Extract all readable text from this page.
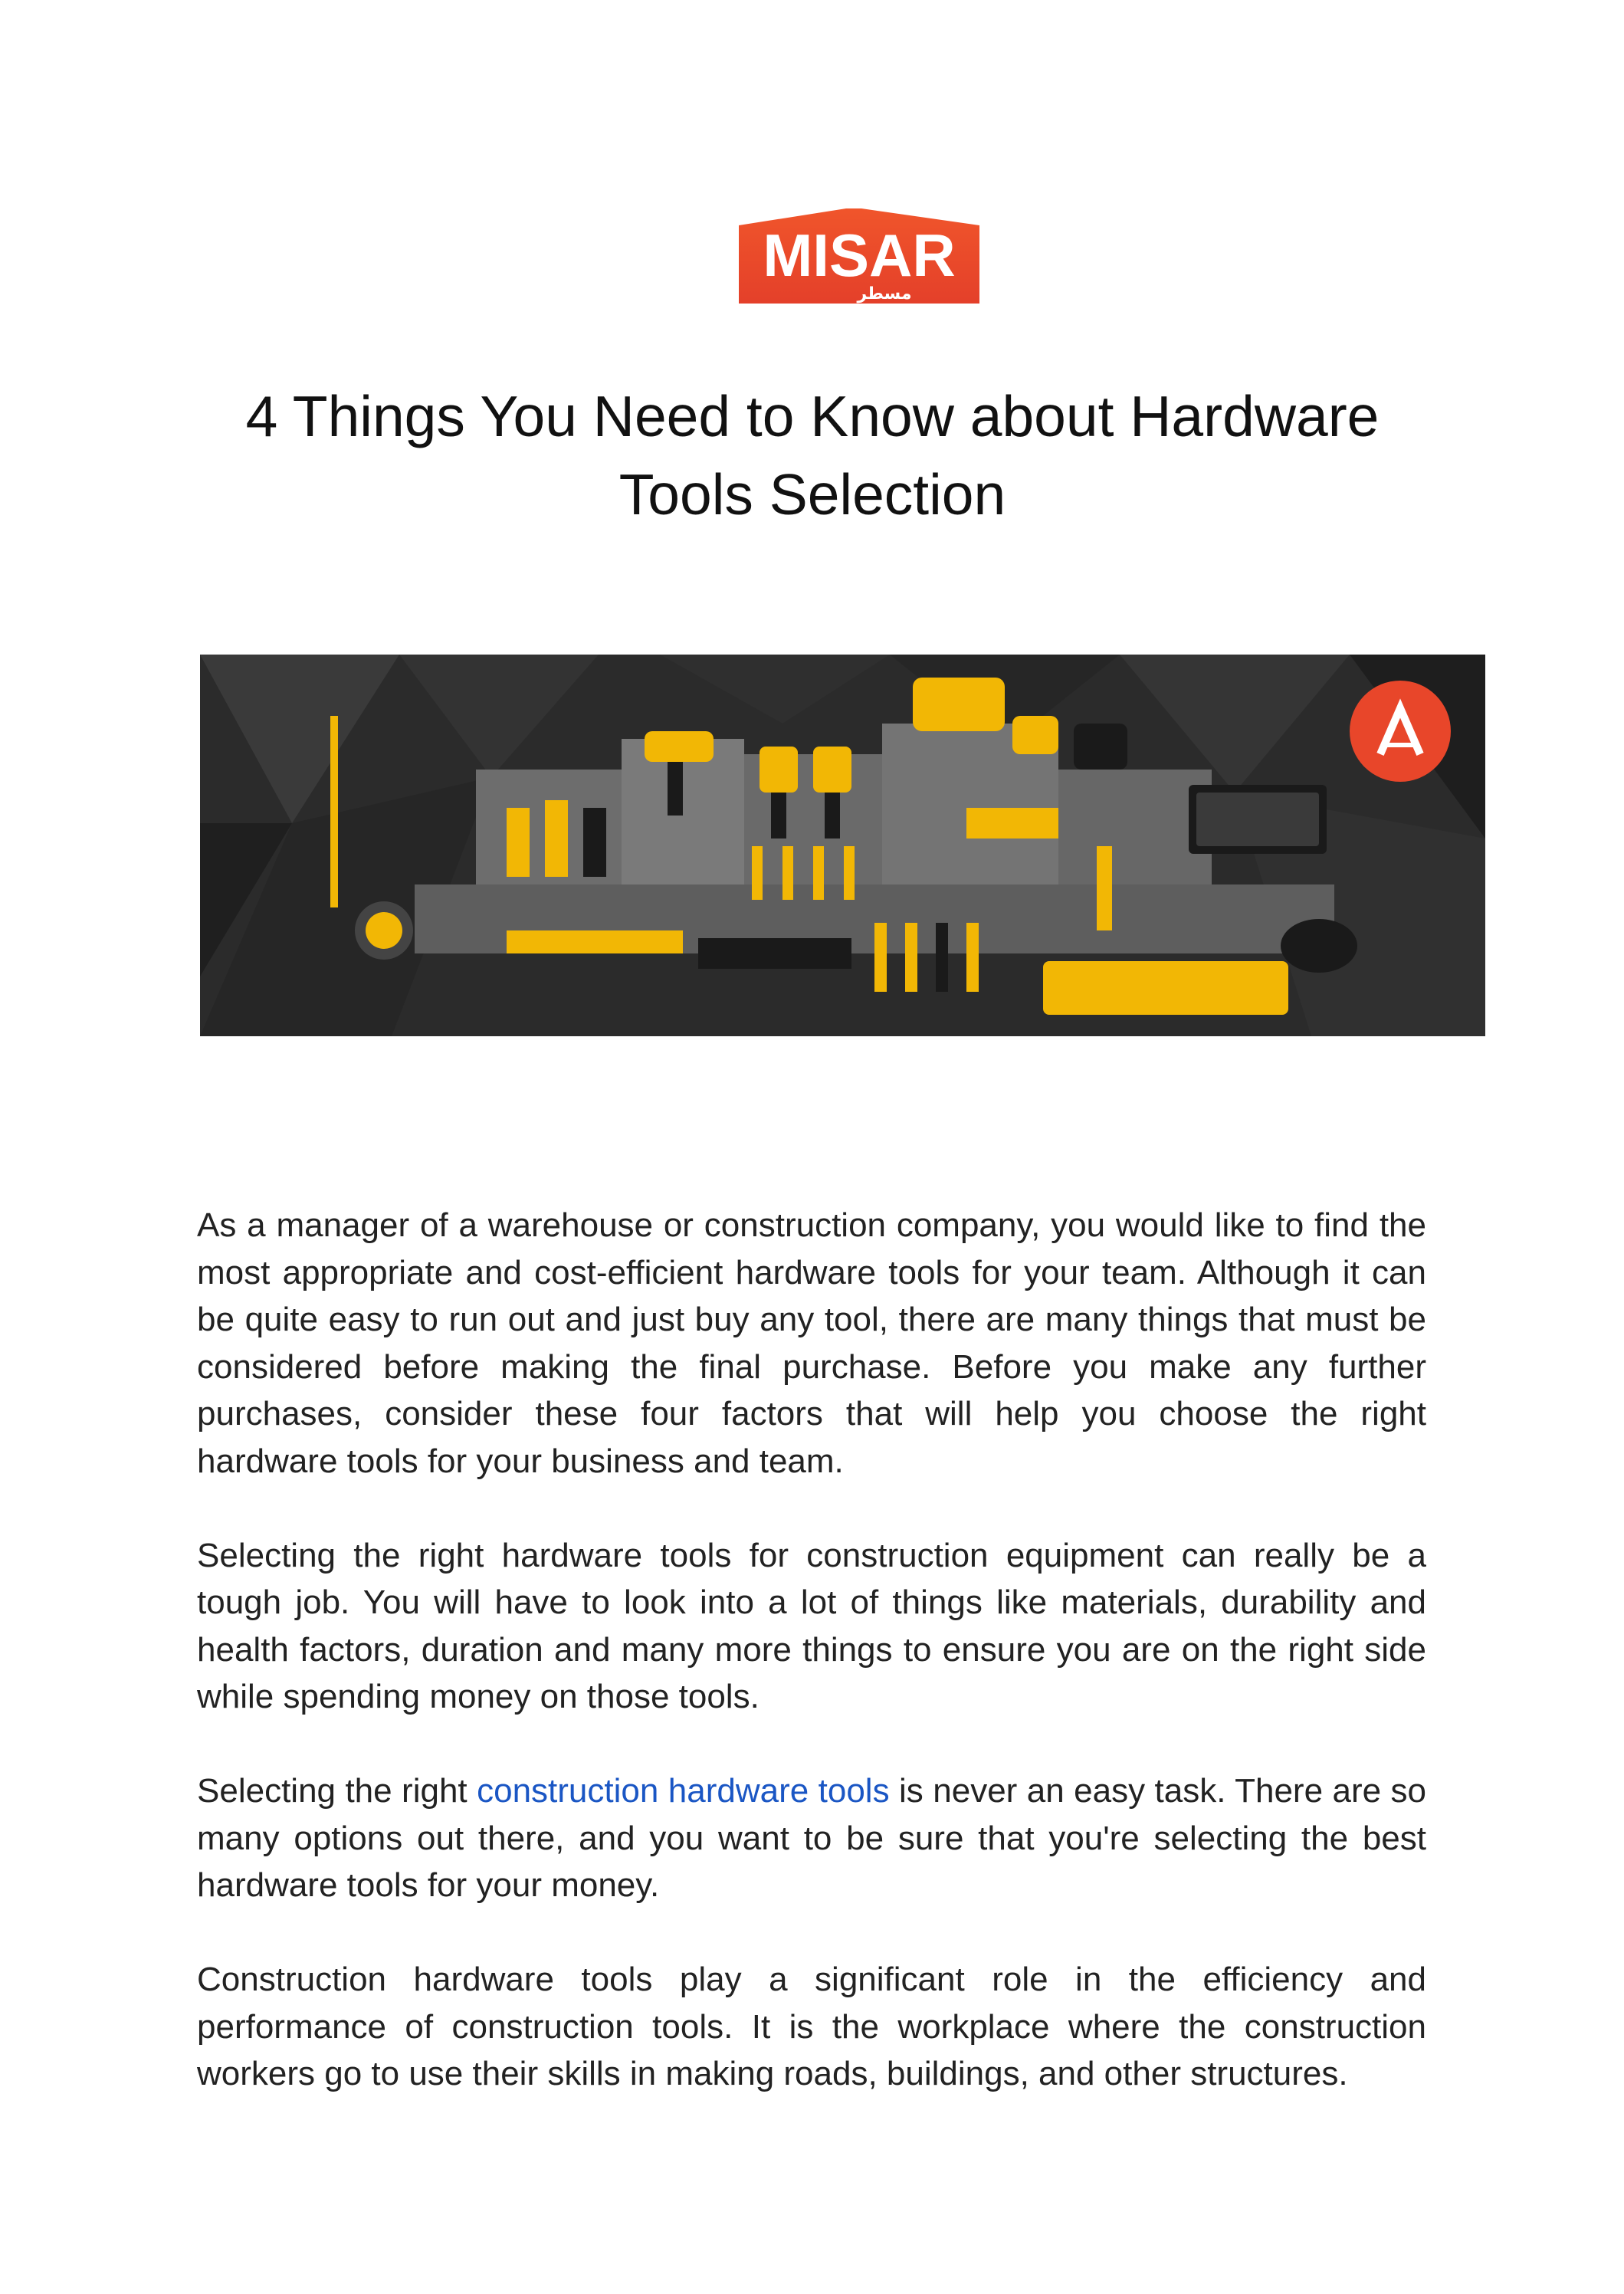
MISAR
مسطر
4 Things You Need to Know about Hardware
Tools Selection

As a manager of a warehouse or construction company, you would like to find the most appropriate and cost-efficient hardware tools for your team. Although it can be quite easy to run out and just buy any tool, there are many things that must be considered before making the final purchase. Before you make any further purchases, consider these four factors that will help you choose the right hardware tools for your business and team.

Selecting the right hardware tools for construction equipment can really be a tough job. You will have to look into a lot of things like materials, durability and health factors, duration and many more things to ensure you are on the right side while spending money on those tools.

Selecting the right construction hardware tools is never an easy task. There are so many options out there, and you want to be sure that you're selecting the best hardware tools for your money.

Construction hardware tools play a significant role in the efficiency and performance of construction tools. It is the workplace where the construction workers go to use their skills in making roads, buildings, and other structures.
